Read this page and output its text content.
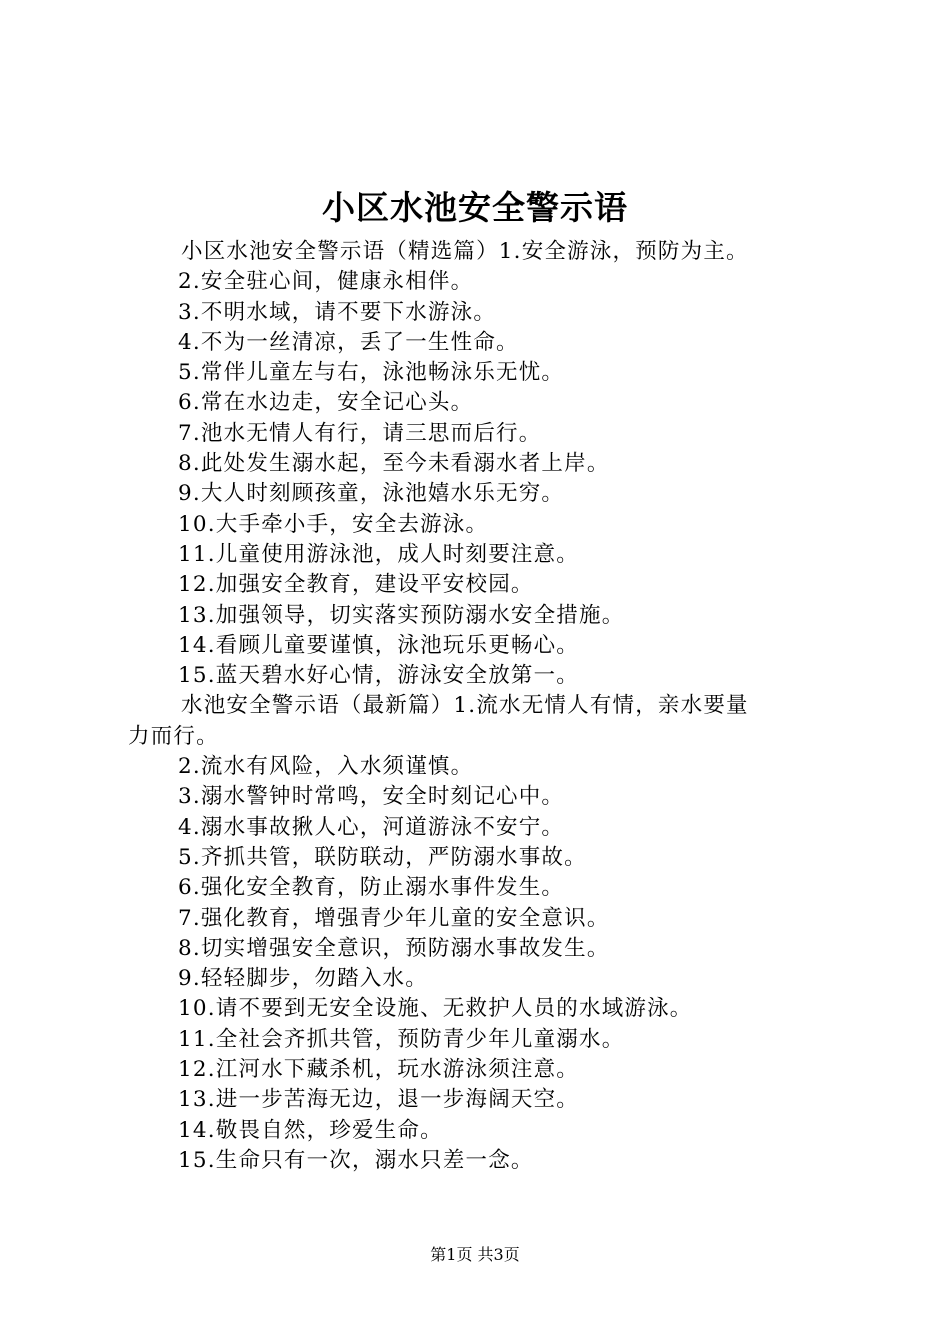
小区水池安全警示语
小区水池安全警示语（精选篇）1.安全游泳，预防为主。
2.安全驻心间，健康永相伴。
3.不明水域，请不要下水游泳。
4.不为一丝清凉，丢了一生性命。
5.常伴儿童左与右，泳池畅泳乐无忧。
6.常在水边走，安全记心头。
7.池水无情人有行，请三思而后行。
8.此处发生溺水起，至今未看溺水者上岸。
9.大人时刻顾孩童，泳池嬉水乐无穷。
10.大手牵小手，安全去游泳。
11.儿童使用游泳池，成人时刻要注意。
12.加强安全教育，建设平安校园。
13.加强领导，切实落实预防溺水安全措施。
14.看顾儿童要谨慎，泳池玩乐更畅心。
15.蓝天碧水好心情，游泳安全放第一。
水池安全警示语（最新篇）1.流水无情人有情，亲水要量
力而行。
2.流水有风险，入水须谨慎。
3.溺水警钟时常鸣，安全时刻记心中。
4.溺水事故揪人心，河道游泳不安宁。
5.齐抓共管，联防联动，严防溺水事故。
6.强化安全教育，防止溺水事件发生。
7.强化教育，增强青少年儿童的安全意识。
8.切实增强安全意识，预防溺水事故发生。
9.轻轻脚步，勿踏入水。
10.请不要到无安全设施、无救护人员的水域游泳。
11.全社会齐抓共管，预防青少年儿童溺水。
12.江河水下藏杀机，玩水游泳须注意。
13.进一步苦海无边，退一步海阔天空。
14.敬畏自然，珍爱生命。
15.生命只有一次，溺水只差一念。
第1页 共3页
